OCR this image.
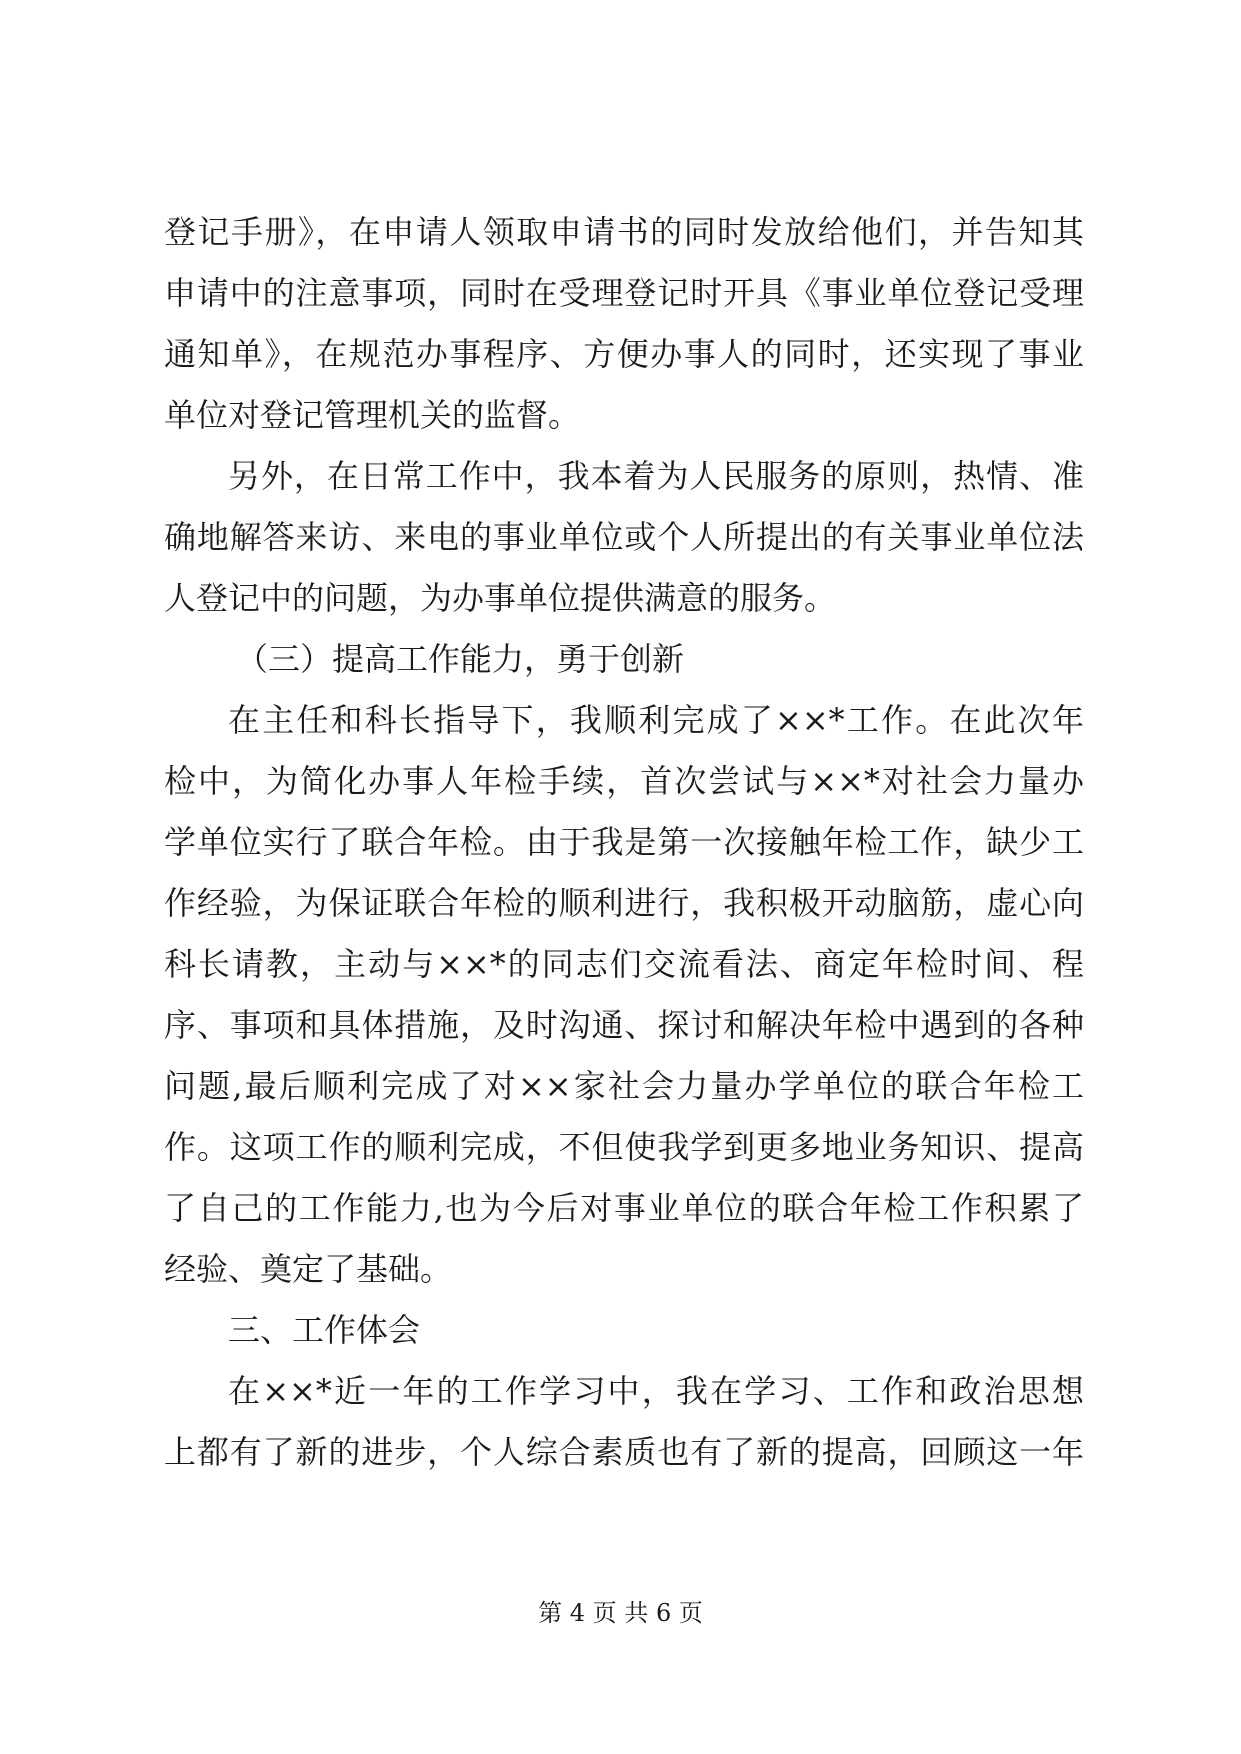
登记手册》，在申请人领取申请书的同时发放给他们，并告知其
申请中的注意事项，同时在受理登记时开具《事业单位登记受理
通知单》，在规范办事程序、方便办事人的同时，还实现了事业
单位对登记管理机关的监督。
另外，在日常工作中，我本着为人民服务的原则，热情、准
确地解答来访、来电的事业单位或个人所提出的有关事业单位法
人登记中的问题，为办事单位提供满意的服务。
（三）提高工作能力，勇于创新
在主任和科长指导下，我顺利完成了××*工作。在此次年
检中，为简化办事人年检手续，首次尝试与××*对社会力量办
学单位实行了联合年检。由于我是第一次接触年检工作，缺少工
作经验，为保证联合年检的顺利进行，我积极开动脑筋，虚心向
科长请教，主动与××*的同志们交流看法、商定年检时间、程
序、事项和具体措施，及时沟通、探讨和解决年检中遇到的各种
问题,最后顺利完成了对××家社会力量办学单位的联合年检工
作。这项工作的顺利完成，不但使我学到更多地业务知识、提高
了自己的工作能力,也为今后对事业单位的联合年检工作积累了
经验、奠定了基础。
三、工作体会
在××*近一年的工作学习中，我在学习、工作和政治思想
上都有了新的进步，个人综合素质也有了新的提高，回顾这一年
第 4 页 共 6 页
